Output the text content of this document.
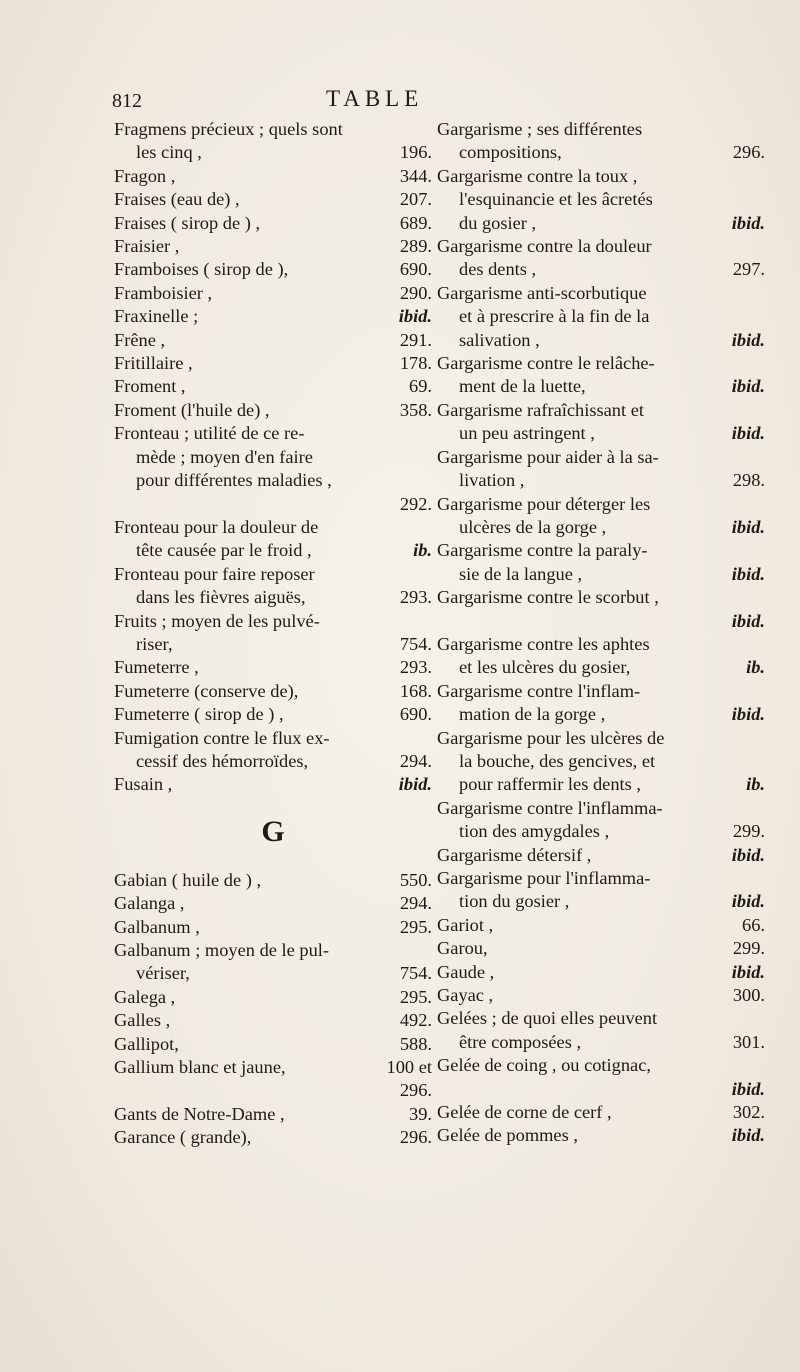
812	TABLE
Fragmens précieux ; quels sont
les cinq ,	196.
Fragon ,	344.
Fraises (eau de) ,	207.
Fraises ( sirop de ) ,	689.
Fraisier ,	289.
Framboises ( sirop de ),	690.
Framboisier ,	290.
Fraxinelle ;	ibid.
Frêne ,	291.
Fritillaire ,	178.
Froment ,	69.
Froment (l'huile de) ,	358.
Fronteau ; utilité de ce re-
mède ; moyen d'en faire
pour différentes maladies ,
292.
Fronteau pour la douleur de
tête causée par le froid ,	ib.
Fronteau pour faire reposer
dans les fièvres aiguës,	293.
Fruits ; moyen de les pulvé-
riser,	754.
Fumeterre ,	293.
Fumeterre (conserve de),	168.
Fumeterre ( sirop de ) ,	690.
Fumigation contre le flux ex-
cessif des hémorroïdes,	294.
Fusain ,	ibid.
G
Gabian ( huile de ) ,	550.
Galanga ,	294.
Galbanum ,	295.
Galbanum ; moyen de le pul-
vériser,	754.
Galega ,	295.
Galles ,	492.
Gallipot,	588.
Gallium blanc et jaune,	100 et
296.
Gants de Notre-Dame ,	39.
Garance ( grande),	296.
Gargarisme ; ses différentes
compositions,	296.
Gargarisme contre la toux ,
l'esquinancie et les âcretés
du gosier ,	ibid.
Gargarisme contre la douleur
des dents ,	297.
Gargarisme anti-scorbutique
et à prescrire à la fin de la
salivation ,	ibid.
Gargarisme contre le relâche-
ment de la luette,	ibid.
Gargarisme rafraîchissant et
un peu astringent ,	ibid.
Gargarisme pour aider à la sa-
livation ,	298.
Gargarisme pour déterger les
ulcères de la gorge ,	ibid.
Gargarisme contre la paraly-
sie de la langue ,	ibid.
Gargarisme contre le scorbut ,
ibid.
Gargarisme contre les aphtes
et les ulcères du gosier,	ib.
Gargarisme contre l'inflam-
mation de la gorge ,	ibid.
Gargarisme pour les ulcères de
la bouche, des gencives, et
pour raffermir les dents ,	ib.
Gargarisme contre l'inflamma-
tion des amygdales ,	299.
Gargarisme détersif ,	ibid.
Gargarisme pour l'inflamma-
tion du gosier ,	ibid.
Gariot ,	66.
Garou,	299.
Gaude ,	ibid.
Gayac ,	300.
Gelées ; de quoi elles peuvent
être composées ,	301.
Gelée de coing , ou cotignac,
ibid.
Gelée de corne de cerf ,	302.
Gelée de pommes ,	ibid.
